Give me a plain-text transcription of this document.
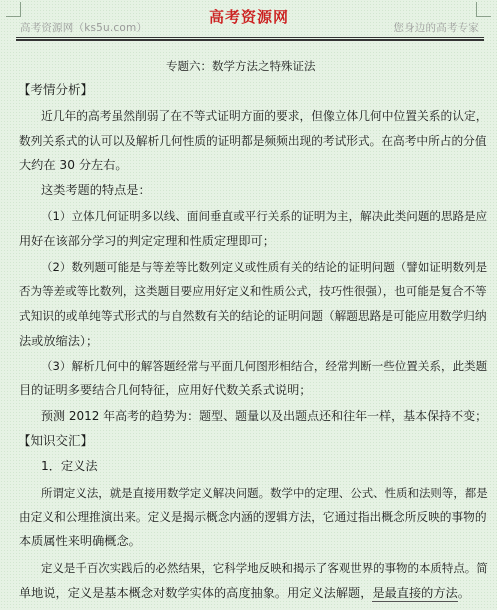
高考资源网（ks5u.com）
高考资源网
您身边的高考专家
专题六：数学方法之特殊证法
【考情分析】
近几年的高考虽然削弱了在不等式证明方面的要求，但像立体几何中位置关系的认定，
数列关系式的认可以及解析几何性质的证明都是频频出现的考试形式。在高考中所占的分值
大约在 30 分左右。
这类考题的特点是：
（1）立体几何证明多以线、面间垂直或平行关系的证明为主，解决此类问题的思路是应
用好在该部分学习的判定定理和性质定理即可；
（2）数列题可能是与等差等比数列定义或性质有关的结论的证明问题（譬如证明数列是
否为等差或等比数列，这类题目要应用好定义和性质公式，技巧性很强），也可能是复合不等
式知识的或单纯等式形式的与自然数有关的结论的证明问题（解题思路是可能应用数学归纳
法或放缩法）；
（3）解析几何中的解答题经常与平面几何图形相结合，经常判断一些位置关系，此类题
目的证明多要结合几何特征，应用好代数关系式说明；
预测 2012 年高考的趋势为：题型、题量以及出题点还和往年一样，基本保持不变；
【知识交汇】
1．定义法
所谓定义法，就是直接用数学定义解决问题。数学中的定理、公式、性质和法则等，都是
由定义和公理推演出来。定义是揭示概念内涵的逻辑方法，它通过指出概念所反映的事物的
本质属性来明确概念。
定义是千百次实践后的必然结果，它科学地反映和揭示了客观世界的事物的本质特点。简
单地说，定义是基本概念对数学实体的高度抽象。用定义法解题，是最直接的方法。
